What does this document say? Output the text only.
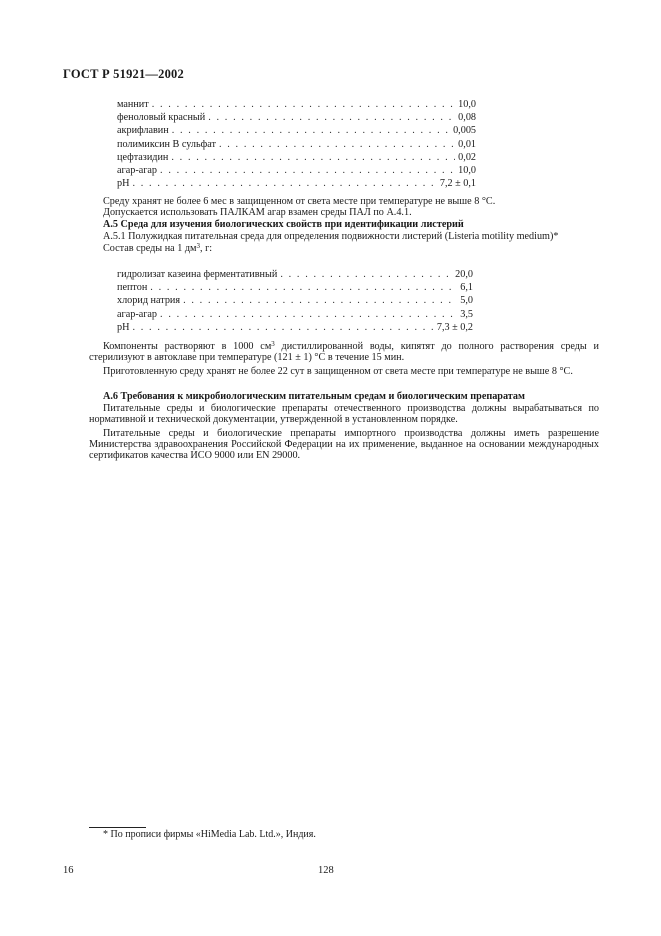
ГОСТ Р 51921—2002
маннит . . .	10,0
феноловый красный . . .	0,08
акрифлавин . . .	0,005
полимиксин В сульфат . . .	0,01
цефтазидин . . .	0,02
агар-агар . . .	10,0
pH . . .	7,2 ± 0,1
Среду хранят не более 6 мес в защищенном от света месте при температуре не выше 8 °С.
Допускается использовать ПАЛКАМ агар взамен среды ПАЛ по А.4.1.
А.5 Среда для изучения биологических свойств при идентификации листерий
А.5.1 Полужидкая питательная среда для определения подвижности листерий (Listeria motility medium)*
Состав среды на 1 $дм^3$, г:
гидролизат казеина ферментативный . . .	20,0
пептон . . .	6,1
хлорид натрия . . .	5,0
агар-агар . . .	3,5
pH . . .	7,3 ± 0,2
Компоненты растворяют в 1000 $см^3$ дистиллированной воды, кипятят до полного растворения среды и стерилизуют в автоклаве при температуре (121 ± 1) °С в течение 15 мин.
Приготовленную среду хранят не более 22 сут в защищенном от света месте при температуре не выше 8 °С.
А.6 Требования к микробиологическим питательным средам и биологическим препаратам
Питательные среды и биологические препараты отечественного производства должны вырабатываться по нормативной и технической документации, утвержденной в установленном порядке.
Питательные среды и биологические препараты импортного производства должны иметь разрешение Министерства здравоохранения Российской Федерации на их применение, выданное на основании международных сертификатов качества ИСО 9000 или EN 29000.
* По прописи фирмы «HiMedia Lab. Ltd.», Индия.
16	128
